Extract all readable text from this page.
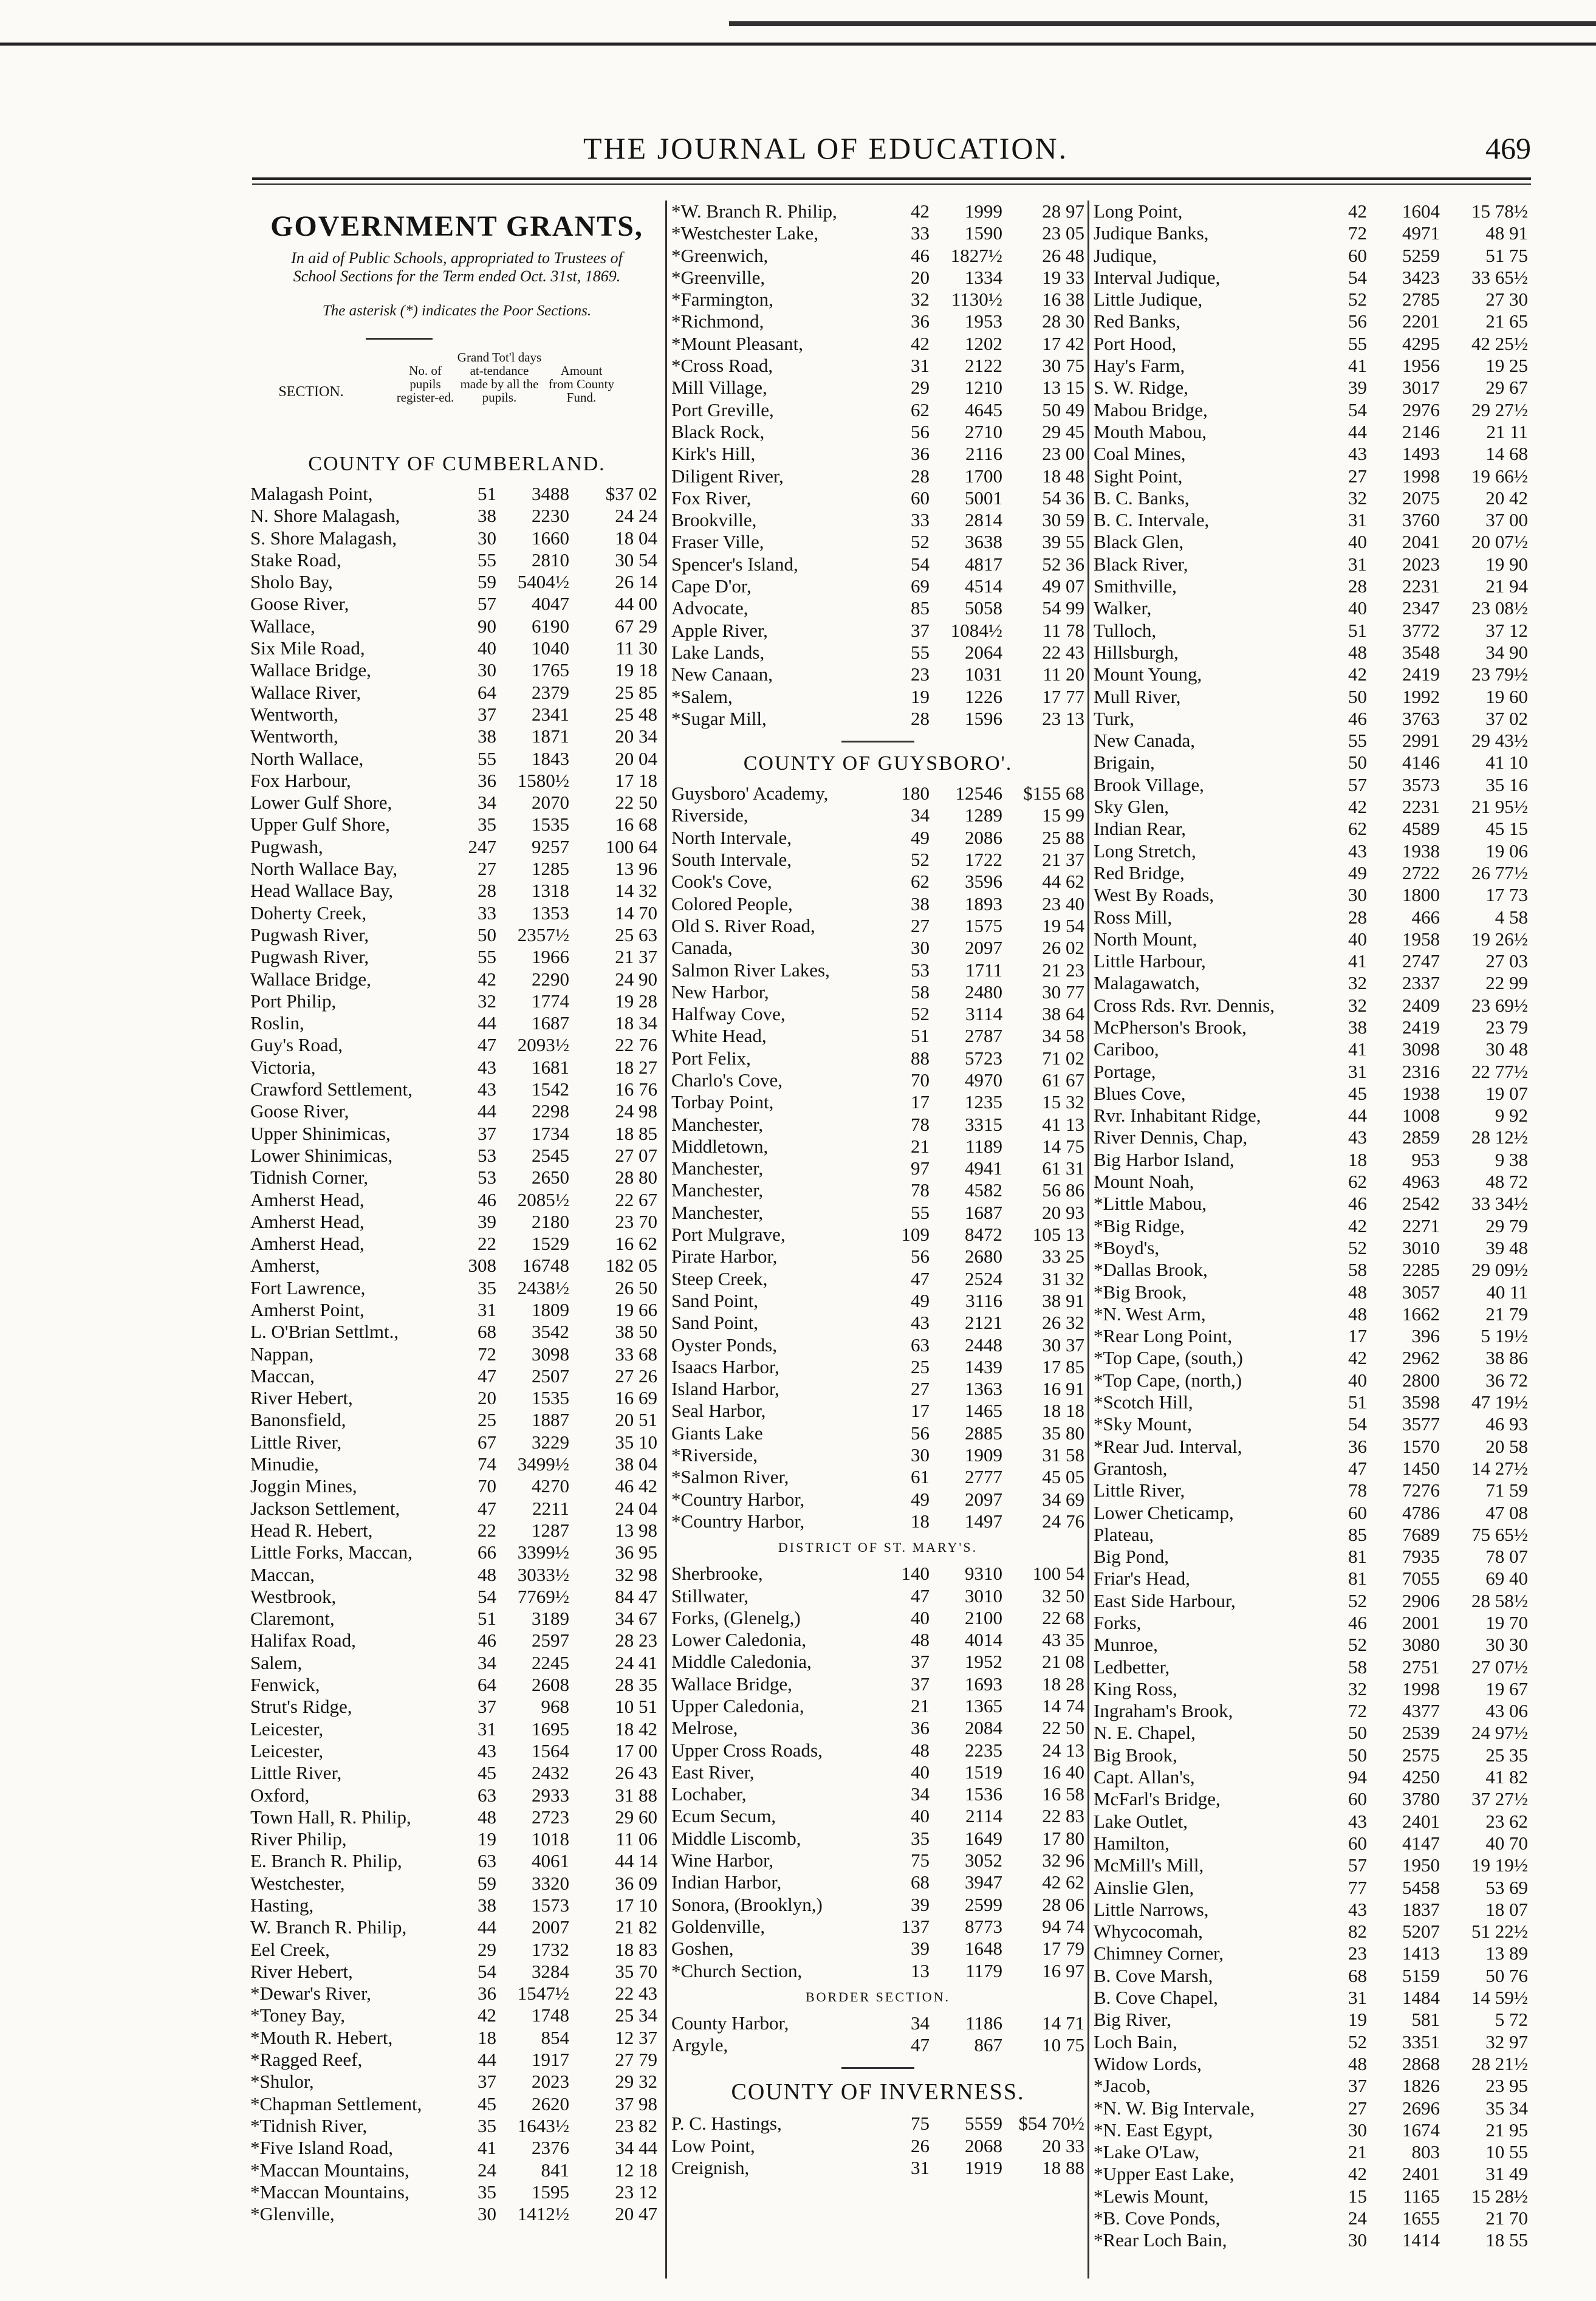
THE JOURNAL OF EDUCATION.	469
GOVERNMENT GRANTS,
In aid of Public Schools, appropriated to Trustees of School Sections for the Term ended Oct. 31st, 1869.
The asterisk (*) indicates the Poor Sections.
SECTION.
No. of pupils register-ed.
Grand Tot'l days at-tendance made by all the pupils.
Amount from County Fund.
COUNTY OF CUMBERLAND.
Malagash Point,	51	3488	$37 02
N. Shore Malagash,	38	2230	24 24
S. Shore Malagash,	30	1660	18 04
Stake Road,	55	2810	30 54
Sholo Bay,	59	5404½	26 14
Goose River,	57	4047	44 00
Wallace,	90	6190	67 29
Six Mile Road,	40	1040	11 30
Wallace Bridge,	30	1765	19 18
Wallace River,	64	2379	25 85
Wentworth,	37	2341	25 48
Wentworth,	38	1871	20 34
North Wallace,	55	1843	20 04
Fox Harbour,	36	1580½	17 18
Lower Gulf Shore,	34	2070	22 50
Upper Gulf Shore,	35	1535	16 68
Pugwash,	247	9257	100 64
North Wallace Bay,	27	1285	13 96
Head Wallace Bay,	28	1318	14 32
Doherty Creek,	33	1353	14 70
Pugwash River,	50	2357½	25 63
Pugwash River,	55	1966	21 37
Wallace Bridge,	42	2290	24 90
Port Philip,	32	1774	19 28
Roslin,	44	1687	18 34
Guy's Road,	47	2093½	22 76
Victoria,	43	1681	18 27
Crawford Settlement,	43	1542	16 76
Goose River,	44	2298	24 98
Upper Shinimicas,	37	1734	18 85
Lower Shinimicas,	53	2545	27 07
Tidnish Corner,	53	2650	28 80
Amherst Head,	46	2085½	22 67
Amherst Head,	39	2180	23 70
Amherst Head,	22	1529	16 62
Amherst,	308	16748	182 05
Fort Lawrence,	35	2438½	26 50
Amherst Point,	31	1809	19 66
L. O'Brian Settlmt.,	68	3542	38 50
Nappan,	72	3098	33 68
Maccan,	47	2507	27 26
River Hebert,	20	1535	16 69
Banonsfield,	25	1887	20 51
Little River,	67	3229	35 10
Minudie,	74	3499½	38 04
Joggin Mines,	70	4270	46 42
Jackson Settlement,	47	2211	24 04
Head R. Hebert,	22	1287	13 98
Little Forks, Maccan,	66	3399½	36 95
Maccan,	48	3033½	32 98
Westbrook,	54	7769½	84 47
Claremont,	51	3189	34 67
Halifax Road,	46	2597	28 23
Salem,	34	2245	24 41
Fenwick,	64	2608	28 35
Strut's Ridge,	37	968	10 51
Leicester,	31	1695	18 42
Leicester,	43	1564	17 00
Little River,	45	2432	26 43
Oxford,	63	2933	31 88
Town Hall, R. Philip,	48	2723	29 60
River Philip,	19	1018	11 06
E. Branch R. Philip,	63	4061	44 14
Westchester,	59	3320	36 09
Hasting,	38	1573	17 10
W. Branch R. Philip,	44	2007	21 82
Eel Creek,	29	1732	18 83
River Hebert,	54	3284	35 70
*Dewar's River,	36	1547½	22 43
*Toney Bay,	42	1748	25 34
*Mouth R. Hebert,	18	854	12 37
*Ragged Reef,	44	1917	27 79
*Shulor,	37	2023	29 32
*Chapman Settlement,	45	2620	37 98
*Tidnish River,	35	1643½	23 82
*Five Island Road,	41	2376	34 44
*Maccan Mountains,	24	841	12 18
*Maccan Mountains,	35	1595	23 12
*Glenville,	30	1412½	20 47
*W. Branch R. Philip,	42	1999	28 97
*Westchester Lake,	33	1590	23 05
*Greenwich,	46	1827½	26 48
*Greenville,	20	1334	19 33
*Farmington,	32	1130½	16 38
*Richmond,	36	1953	28 30
*Mount Pleasant,	42	1202	17 42
*Cross Road,	31	2122	30 75
Mill Village,	29	1210	13 15
Port Greville,	62	4645	50 49
Black Rock,	56	2710	29 45
Kirk's Hill,	36	2116	23 00
Diligent River,	28	1700	18 48
Fox River,	60	5001	54 36
Brookville,	33	2814	30 59
Fraser Ville,	52	3638	39 55
Spencer's Island,	54	4817	52 36
Cape D'or,	69	4514	49 07
Advocate,	85	5058	54 99
Apple River,	37	1084½	11 78
Lake Lands,	55	2064	22 43
New Canaan,	23	1031	11 20
*Salem,	19	1226	17 77
*Sugar Mill,	28	1596	23 13
COUNTY OF GUYSBORO'.
Guysboro' Academy,	180	12546	$155 68
Riverside,	34	1289	15 99
North Intervale,	49	2086	25 88
South Intervale,	52	1722	21 37
Cook's Cove,	62	3596	44 62
Colored People,	38	1893	23 40
Old S. River Road,	27	1575	19 54
Canada,	30	2097	26 02
Salmon River Lakes,	53	1711	21 23
New Harbor,	58	2480	30 77
Halfway Cove,	52	3114	38 64
White Head,	51	2787	34 58
Port Felix,	88	5723	71 02
Charlo's Cove,	70	4970	61 67
Torbay Point,	17	1235	15 32
Manchester,	78	3315	41 13
Middletown,	21	1189	14 75
Manchester,	97	4941	61 31
Manchester,	78	4582	56 86
Manchester,	55	1687	20 93
Port Mulgrave,	109	8472	105 13
Pirate Harbor,	56	2680	33 25
Steep Creek,	47	2524	31 32
Sand Point,	49	3116	38 91
Sand Point,	43	2121	26 32
Oyster Ponds,	63	2448	30 37
Isaacs Harbor,	25	1439	17 85
Island Harbor,	27	1363	16 91
Seal Harbor,	17	1465	18 18
Giants Lake	56	2885	35 80
*Riverside,	30	1909	31 58
*Salmon River,	61	2777	45 05
*Country Harbor,	49	2097	34 69
*Country Harbor,	18	1497	24 76
DISTRICT OF ST. MARY'S.
Sherbrooke,	140	9310	100 54
Stillwater,	47	3010	32 50
Forks, (Glenelg,)	40	2100	22 68
Lower Caledonia,	48	4014	43 35
Middle Caledonia,	37	1952	21 08
Wallace Bridge,	37	1693	18 28
Upper Caledonia,	21	1365	14 74
Melrose,	36	2084	22 50
Upper Cross Roads,	48	2235	24 13
East River,	40	1519	16 40
Lochaber,	34	1536	16 58
Ecum Secum,	40	2114	22 83
Middle Liscomb,	35	1649	17 80
Wine Harbor,	75	3052	32 96
Indian Harbor,	68	3947	42 62
Sonora, (Brooklyn,)	39	2599	28 06
Goldenville,	137	8773	94 74
Goshen,	39	1648	17 79
*Church Section,	13	1179	16 97
BORDER SECTION.
County Harbor,	34	1186	14 71
Argyle,	47	867	10 75
COUNTY OF INVERNESS.
P. C. Hastings,	75	5559 $54 70½
Low Point,	26	2068	20 33
Creignish,	31	1919	18 88
Long Point,	42	1604	15 78½
Judique Banks,	72	4971	48 91
Judique,	60	5259	51 75
Interval Judique,	54	3423	33 65½
Little Judique,	52	2785	27 30
Red Banks,	56	2201	21 65
Port Hood,	55	4295	42 25½
Hay's Farm,	41	1956	19 25
S. W. Ridge,	39	3017	29 67
Mabou Bridge,	54	2976	29 27½
Mouth Mabou,	44	2146	21 11
Coal Mines,	43	1493	14 68
Sight Point,	27	1998	19 66½
B. C. Banks,	32	2075	20 42
B. C. Intervale,	31	3760	37 00
Black Glen,	40	2041	20 07½
Black River,	31	2023	19 90
Smithville,	28	2231	21 94
Walker,	40	2347	23 08½
Tulloch,	51	3772	37 12
Hillsburgh,	48	3548	34 90
Mount Young,	42	2419	23 79½
Mull River,	50	1992	19 60
Turk,	46	3763	37 02
New Canada,	55	2991	29 43½
Brigain,	50	4146	41 10
Brook Village,	57	3573	35 16
Sky Glen,	42	2231	21 95½
Indian Rear,	62	4589	45 15
Long Stretch,	43	1938	19 06
Red Bridge,	49	2722	26 77½
West By Roads,	30	1800	17 73
Ross Mill,	28	466	4 58
North Mount,	40	1958	19 26½
Little Harbour,	41	2747	27 03
Malagawatch,	32	2337	22 99
Cross Rds. Rvr. Dennis,	32	2409	23 69½
McPherson's Brook,	38	2419	23 79
Cariboo,	41	3098	30 48
Portage,	31	2316	22 77½
Blues Cove,	45	1938	19 07
Rvr. Inhabitant Ridge,	44	1008	9 92
River Dennis, Chap,	43	2859	28 12½
Big Harbor Island,	18	953	9 38
Mount Noah,	62	4963	48 72
*Little Mabou,	46	2542	33 34½
*Big Ridge,	42	2271	29 79
*Boyd's,	52	3010	39 48
*Dallas Brook,	58	2285	29 09½
*Big Brook,	48	3057	40 11
*N. West Arm,	48	1662	21 79
*Rear Long Point,	17	396	5 19½
*Top Cape, (south,)	42	2962	38 86
*Top Cape, (north,)	40	2800	36 72
*Scotch Hill,	51	3598	47 19½
*Sky Mount,	54	3577	46 93
*Rear Jud. Interval,	36	1570	20 58
Grantosh,	47	1450	14 27½
Little River,	78	7276	71 59
Lower Cheticamp,	60	4786	47 08
Plateau,	85	7689	75 65½
Big Pond,	81	7935	78 07
Friar's Head,	81	7055	69 40
East Side Harbour,	52	2906	28 58½
Forks,	46	2001	19 70
Munroe,	52	3080	30 30
Ledbetter,	58	2751	27 07½
King Ross,	32	1998	19 67
Ingraham's Brook,	72	4377	43 06
N. E. Chapel,	50	2539	24 97½
Big Brook,	50	2575	25 35
Capt. Allan's,	94	4250	41 82
McFarl's Bridge,	60	3780	37 27½
Lake Outlet,	43	2401	23 62
Hamilton,	60	4147	40 70
McMill's Mill,	57	1950	19 19½
Ainslie Glen,	77	5458	53 69
Little Narrows,	43	1837	18 07
Whycocomah,	82	5207	51 22½
Chimney Corner,	23	1413	13 89
B. Cove Marsh,	68	5159	50 76
B. Cove Chapel,	31	1484	14 59½
Big River,	19	581	5 72
Loch Bain,	52	3351	32 97
Widow Lords,	48	2868	28 21½
*Jacob,	37	1826	23 95
*N. W. Big Intervale,	27	2696	35 34
*N. East Egypt,	30	1674	21 95
*Lake O'Law,	21	803	10 55
*Upper East Lake,	42	2401	31 49
*Lewis Mount,	15	1165	15 28½
*B. Cove Ponds,	24	1655	21 70
*Rear Loch Bain,	30	1414	18 55
